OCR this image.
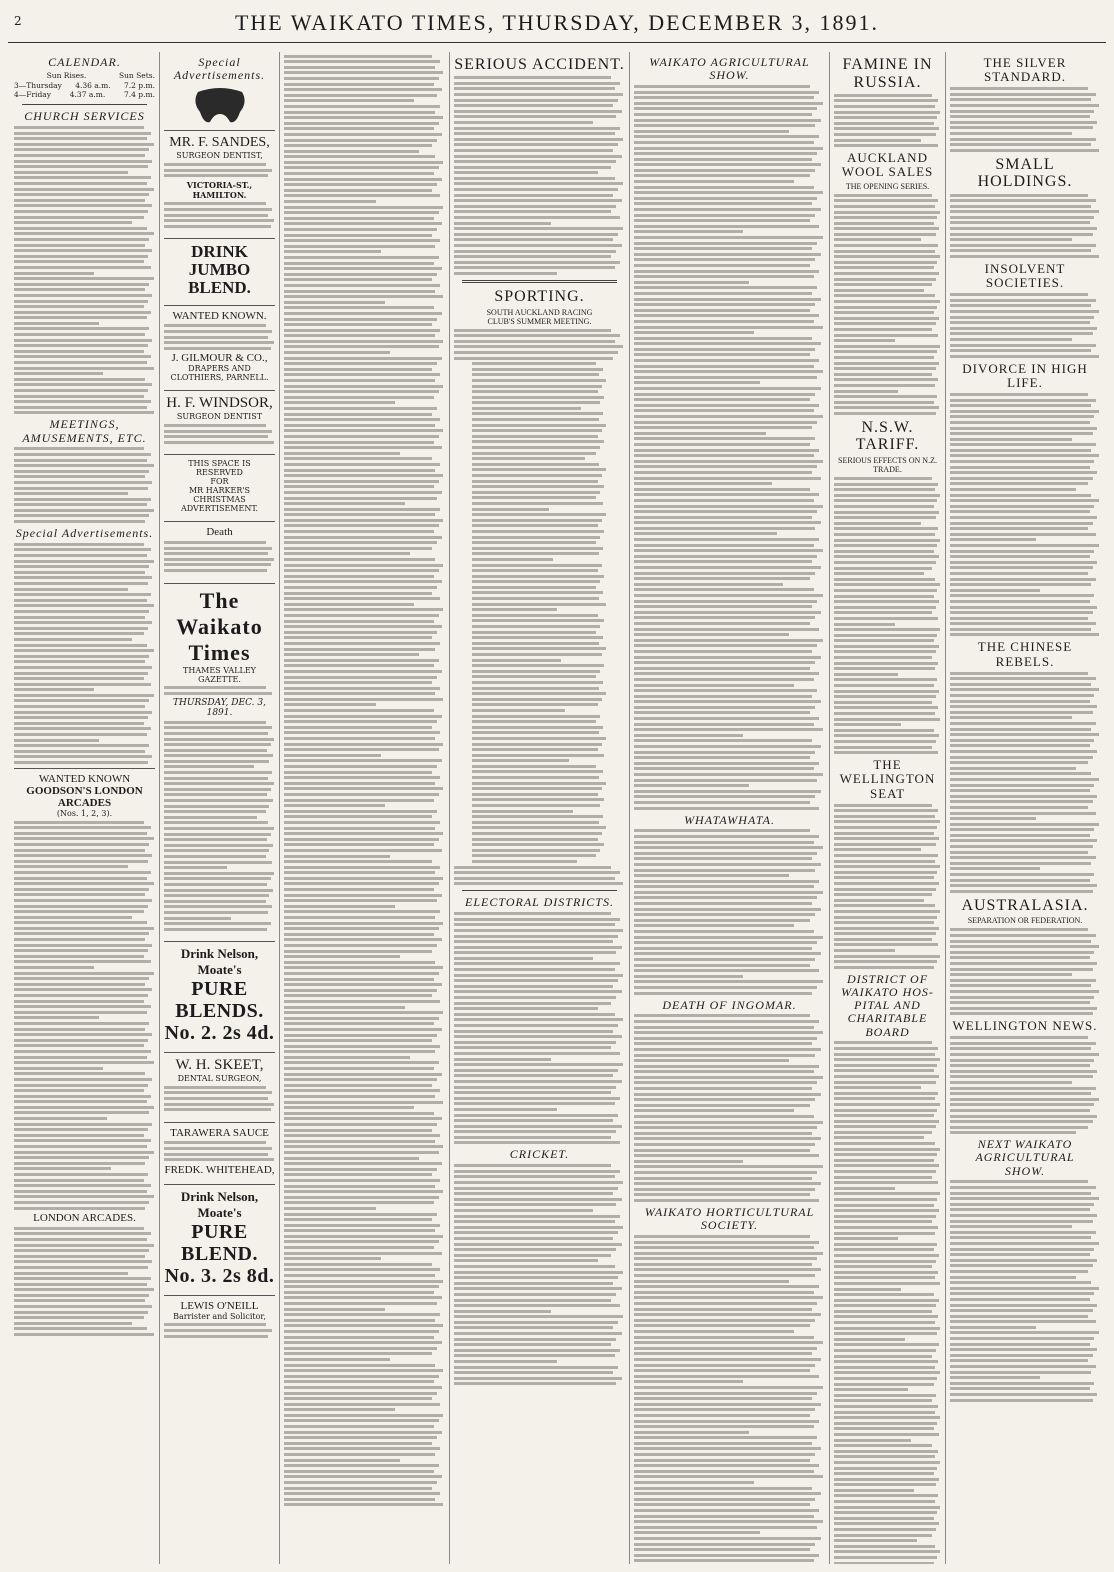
2	THE WAIKATO TIMES, THURSDAY, DECEMBER 3, 1891.
CALENDAR.
Sun Rises.	Sun Sets.
3—Thursday 4.36 a.m. 7.2 p.m.
4—Friday	4.37 a.m.	7.4 p.m.
CHURCH SERVICES
MEETINGS, AMUSEMENTS, ETC.
Special Advertisements.
WANTED KNOWN
GOODSON'S LONDON ARCADES
(Nos. 1, 2, 3).
LONDON ARCADES.
Special Advertisements.
MR. F. SANDES,
SURGEON DENTIST,
VICTORIA-ST., HAMILTON.
DRINK JUMBO BLEND.
WANTED KNOWN.
J. GILMOUR & CO.,
DRAPERS AND CLOTHIERS, PARNELL.
H. F. WINDSOR,
SURGEON DENTIST
THIS SPACE IS RESERVED
FOR
MR HARKER'S CHRISTMAS ADVERTISEMENT.
Death
The Waikato Times
THAMES VALLEY GAZETTE.
THURSDAY, DEC. 3, 1891.
Drink Nelson, Moate's
PURE BLENDS.
No. 2. 2s 4d.
W. H. SKEET,
DENTAL SURGEON,
TARAWERA SAUCE
FREDK. WHITEHEAD,
Drink Nelson, Moate's
PURE BLEND.
No. 3. 2s 8d.
LEWIS O'NEILL
Barrister and Solicitor,
SERIOUS ACCIDENT.
SPORTING.
SOUTH AUCKLAND RACING
CLUB'S SUMMER MEETING.
ELECTORAL DISTRICTS.
CRICKET.
WAIKATO AGRICULTURAL SHOW.
WHATAWHATA.
DEATH OF INGOMAR.
WAIKATO HORTICULTURAL
SOCIETY.
FAMINE IN RUSSIA.
AUCKLAND WOOL SALES
THE OPENING SERIES.
N.S.W. TARIFF.
SERIOUS EFFECTS ON N.Z. TRADE.
THE WELLINGTON SEAT
DISTRICT OF WAIKATO HOS-
PITAL AND CHARITABLE BOARD
THE SILVER STANDARD.
SMALL HOLDINGS.
INSOLVENT SOCIETIES.
DIVORCE IN HIGH LIFE.
THE CHINESE REBELS.
AUSTRALASIA.
SEPARATION OR FEDERATION.
WELLINGTON NEWS.
NEXT WAIKATO AGRICULTURAL
SHOW.
